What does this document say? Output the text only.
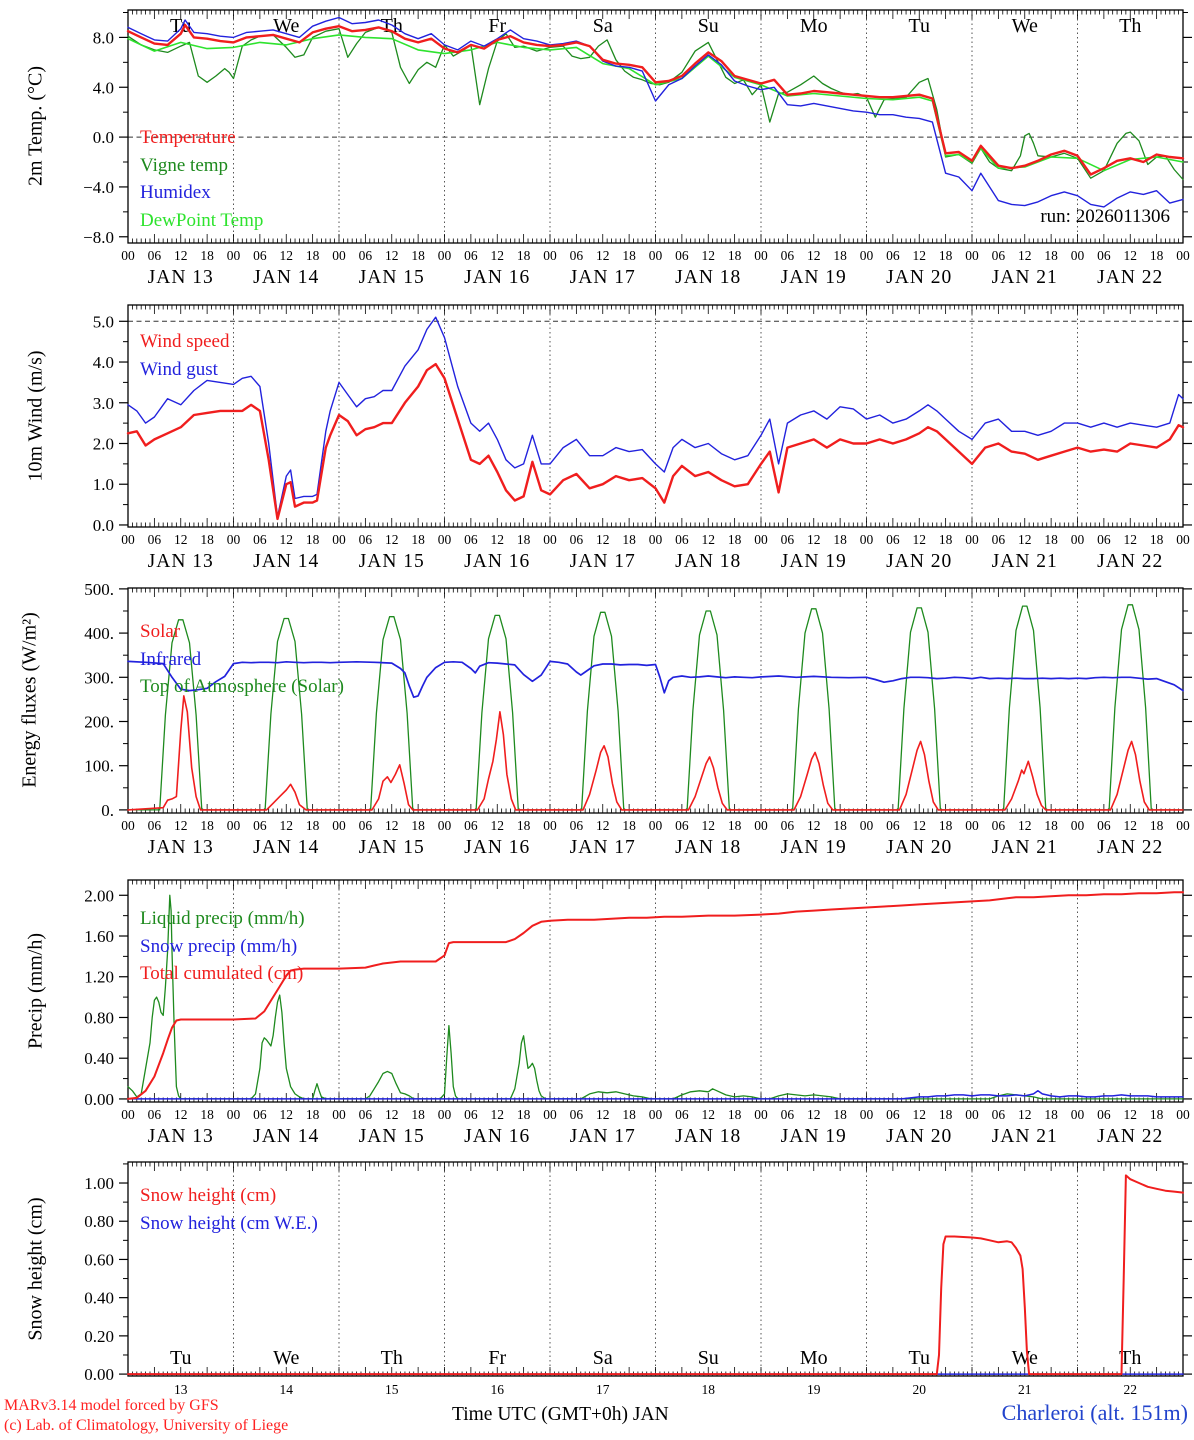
8.0
4.0
0.0
−4.0
−8.0
00 06 12 18 00 06 12 18 00 06 12 18 00 06 12 18 00 06 12 18 00 06 12 18 00 06 12 18 00 06 12 18 00 06 12 18 00 06 12 18 00
JAN 13 JAN 14 JAN 15 JAN 16 JAN 17 JAN 18 JAN 19 JAN 20 JAN 21 JAN 22
Tu	We	Th	Fr	Sa	Su	Mo	Tu	We	Th
5.0
4.0
3.0
2.0
1.0
0.0
00 06 12 18 00 06 12 18 00 06 12 18 00 06 12 18 00 06 12 18 00 06 12 18 00 06 12 18 00 06 12 18 00 06 12 18 00 06 12 18 00
JAN 13 JAN 14 JAN 15 JAN 16 JAN 17 JAN 18 JAN 19 JAN 20 JAN 21 JAN 22
500.
400.
300.
200.
100.
0.
00 06 12 18 00 06 12 18 00 06 12 18 00 06 12 18 00 06 12 18 00 06 12 18 00 06 12 18 00 06 12 18 00 06 12 18 00 06 12 18 00
JAN 13 JAN 14 JAN 15 JAN 16 JAN 17 JAN 18 JAN 19 JAN 20 JAN 21 JAN 22
2.00
1.60
1.20
0.80
0.40
0.00
00 06 12 18 00 06 12 18 00 06 12 18 00 06 12 18 00 06 12 18 00 06 12 18 00 06 12 18 00 06 12 18 00 06 12 18 00 06 12 18 00
JAN 13 JAN 14 JAN 15 JAN 16 JAN 17 JAN 18 JAN 19 JAN 20 JAN 21 JAN 22
1.00
0.80
0.60
0.40
0.20
0.00
13	14	15	16	17	18	19	20	21	22
Tu	We	Th	Fr	Sa	Su	Mo	Tu	We	Th
2m Temp. (°C)
10m Wind (m/s)
Energy fluxes (W/m²)
Precip (mm/h)
Snow height (cm)
Temperature
Vigne temp
Humidex
DewPoint Temp
Wind speed
Wind gust
Solar
Infrared
Top of Atmosphere (Solar)
Liquid precip (mm/h)
Snow precip (mm/h)
Total cumulated (cm)
Snow height (cm)
Snow height (cm W.E.)
run: 2026011306
MARv3.14 model forced by GFS
(c) Lab. of Climatology, University of Liege
Time UTC (GMT+0h) JAN	Charleroi (alt. 151m)
